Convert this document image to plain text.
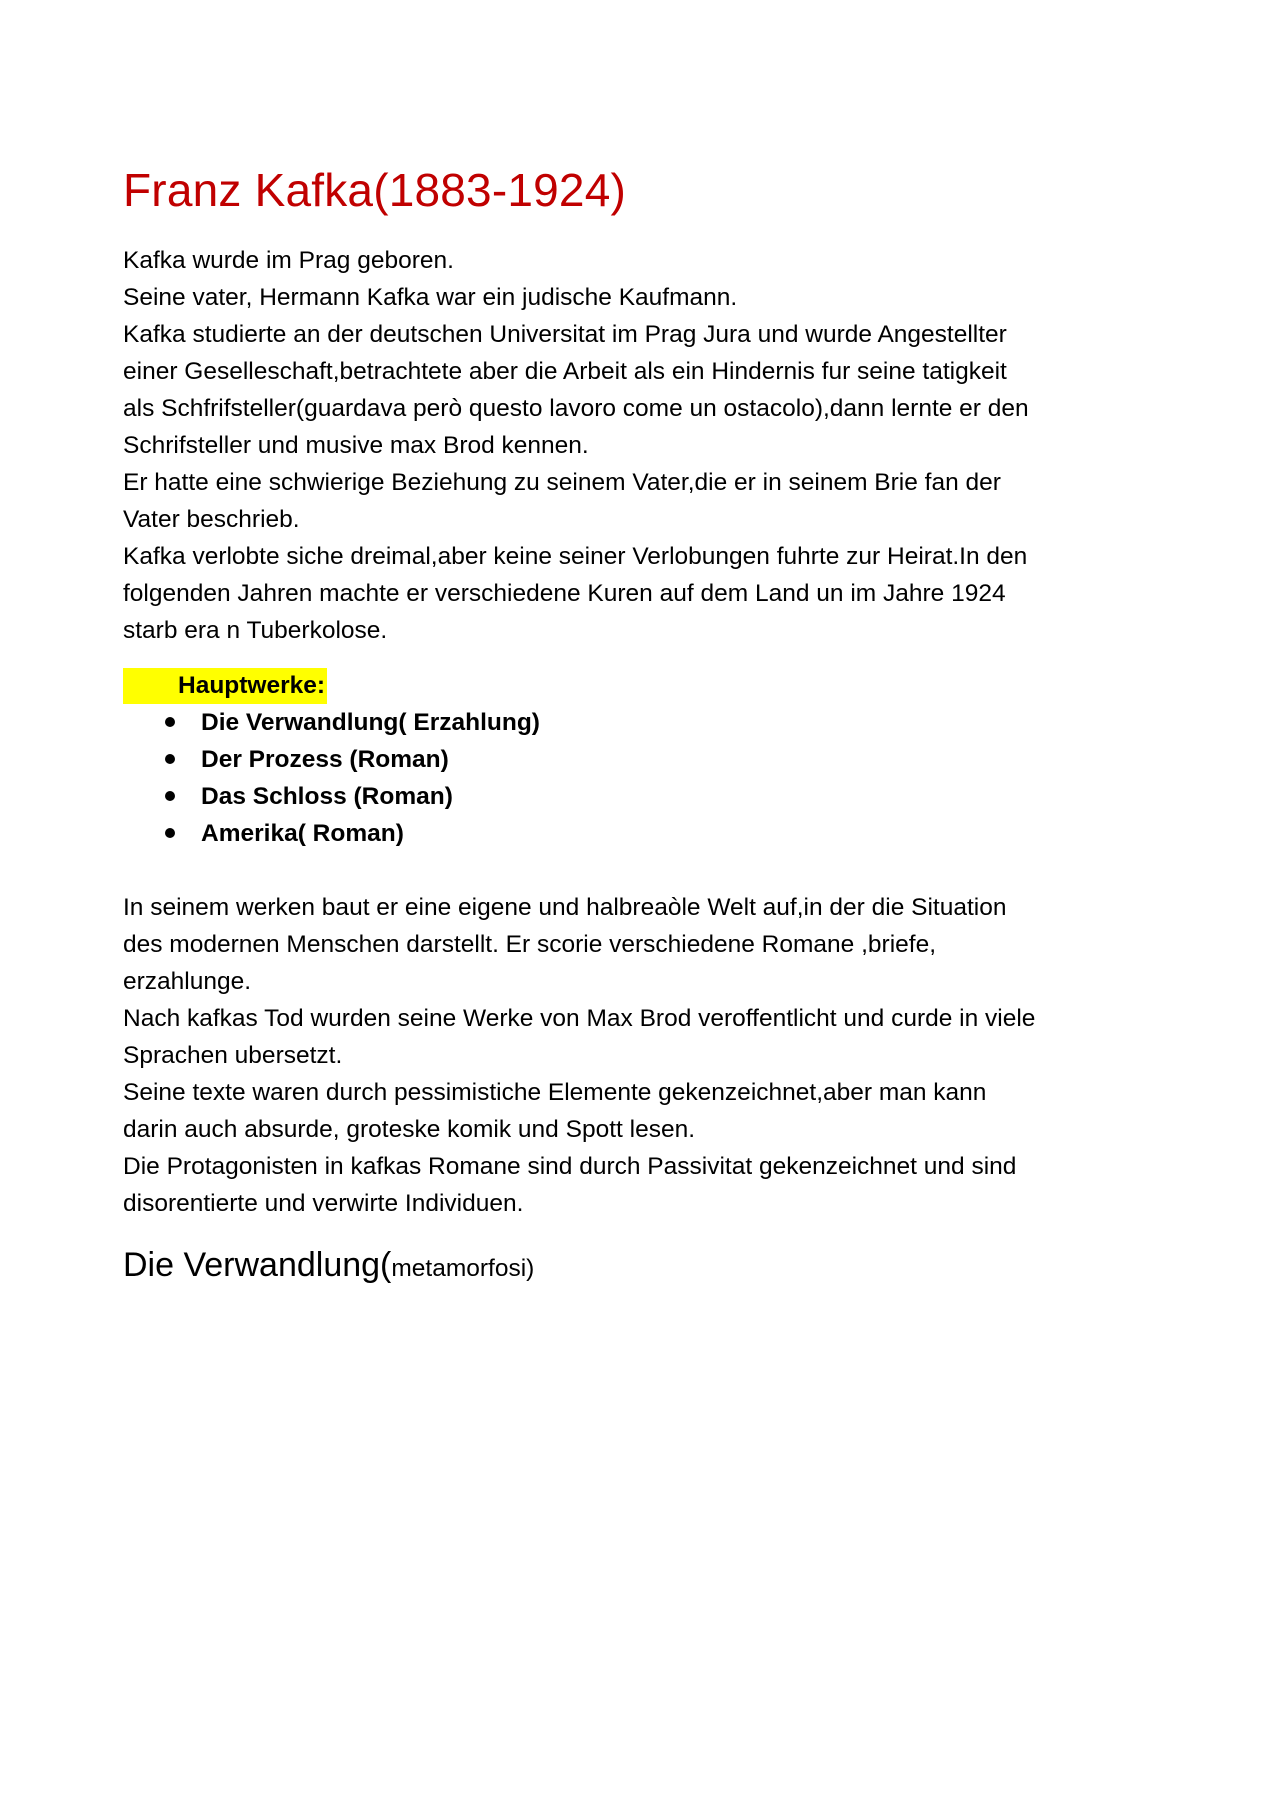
Franz Kafka(1883-1924)

Kafka wurde im Prag geboren.
Seine vater, Hermann Kafka war ein judische Kaufmann.
Kafka studierte an der deutschen Universitat im Prag Jura und wurde Angestellter
einer Geselleschaft,betrachtete aber die Arbeit als ein Hindernis fur seine tatigkeit
als Schfrifsteller(guardava però questo lavoro come un ostacolo),dann lernte er den
Schrifsteller und musive max Brod kennen.
Er hatte eine schwierige Beziehung zu seinem Vater,die er in seinem Brie fan der
Vater beschrieb.
Kafka verlobte siche dreimal,aber keine seiner Verlobungen fuhrte zur Heirat.In den
folgenden Jahren machte er verschiedene Kuren auf dem Land un im Jahre 1924
starb era n Tuberkolose.

Hauptwerke:

Die Verwandlung( Erzahlung)
Der Prozess (Roman)
Das Schloss (Roman)
Amerika( Roman)

In seinem werken baut er eine eigene und halbreaòle Welt auf,in der die Situation
des modernen Menschen darstellt. Er scorie verschiedene Romane ,briefe,
erzahlunge.
Nach kafkas Tod wurden seine Werke von Max Brod veroffentlicht und curde in viele
Sprachen ubersetzt.
Seine texte waren durch pessimistiche Elemente gekenzeichnet,aber man kann
darin auch absurde, groteske komik und Spott lesen.
Die Protagonisten in kafkas Romane sind durch Passivitat gekenzeichnet und sind
disorentierte und verwirte Individuen.

Die Verwandlung(metamorfosi)
